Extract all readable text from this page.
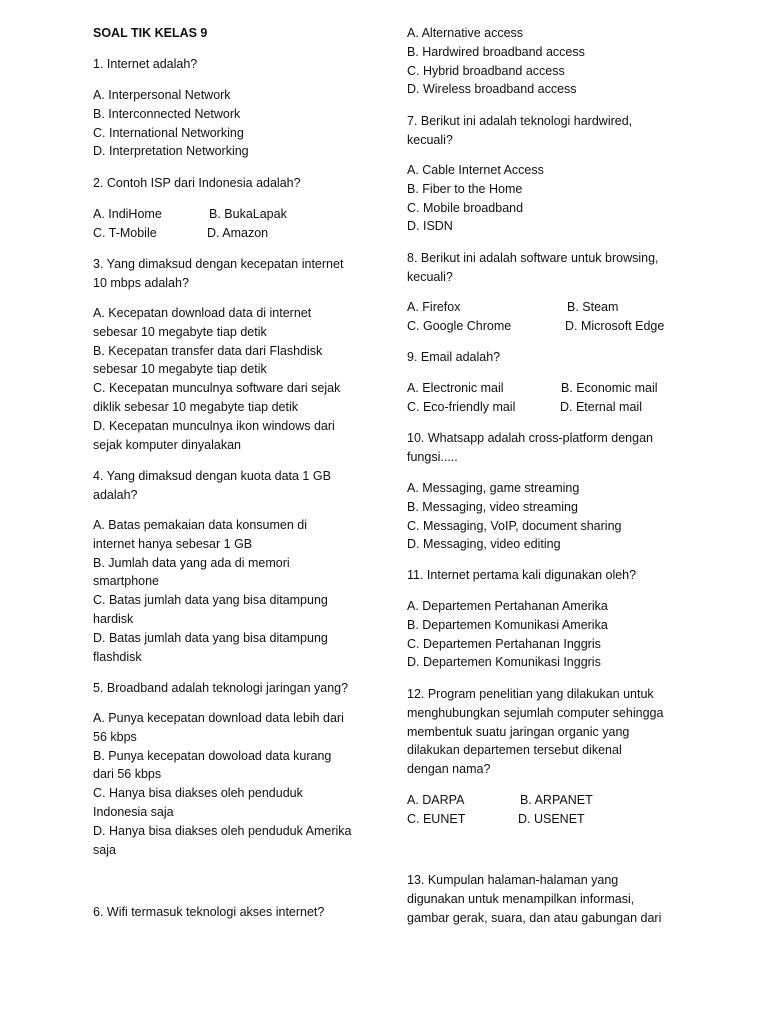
SOAL TIK KELAS 9
1. Internet adalah?
A. Interpersonal Network
B. Interconnected Network
C. International Networking
D. Interpretation Networking
2. Contoh ISP dari Indonesia adalah?
A. IndiHome	B. BukaLapak
C. T-Mobile	D. Amazon
3. Yang dimaksud dengan kecepatan internet
10 mbps adalah?
A. Kecepatan download data di internet
sebesar 10 megabyte tiap detik
B. Kecepatan transfer data dari Flashdisk
sebesar 10 megabyte tiap detik
C. Kecepatan munculnya software dari sejak
diklik sebesar 10 megabyte tiap detik
D. Kecepatan munculnya ikon windows dari
sejak komputer dinyalakan
4. Yang dimaksud dengan kuota data 1 GB
adalah?
A. Batas pemakaian data konsumen di
internet hanya sebesar 1 GB
B. Jumlah data yang ada di memori
smartphone
C. Batas jumlah data yang bisa ditampung
hardisk
D. Batas jumlah data yang bisa ditampung
flashdisk
5. Broadband adalah teknologi jaringan yang?
A. Punya kecepatan download data lebih dari
56 kbps
B. Punya kecepatan dowoload data kurang
dari 56 kbps
C. Hanya bisa diakses oleh penduduk
Indonesia saja
D. Hanya bisa diakses oleh penduduk Amerika
saja
6. Wifi termasuk teknologi akses internet?
A. Alternative access
B. Hardwired broadband access
C. Hybrid broadband access
D. Wireless broadband access
7. Berikut ini adalah teknologi hardwired,
kecuali?
A. Cable Internet Access
B. Fiber to the Home
C. Mobile broadband
D. ISDN
8. Berikut ini adalah software untuk browsing,
kecuali?
A. Firefox	B. Steam
C. Google Chrome	D. Microsoft Edge
9. Email adalah?
A. Electronic mail	B. Economic mail
C. Eco-friendly mail	D. Eternal mail
10. Whatsapp adalah cross-platform dengan
fungsi.....
A. Messaging, game streaming
B. Messaging, video streaming
C. Messaging, VoIP, document sharing
D. Messaging, video editing
11. Internet pertama kali digunakan oleh?
A. Departemen Pertahanan Amerika
B. Departemen Komunikasi Amerika
C. Departemen Pertahanan Inggris
D. Departemen Komunikasi Inggris
12. Program penelitian yang dilakukan untuk
menghubungkan sejumlah computer sehingga
membentuk suatu jaringan organic yang
dilakukan departemen tersebut dikenal
dengan nama?
A. DARPA	B. ARPANET
C. EUNET	D. USENET
13. Kumpulan halaman-halaman yang
digunakan untuk menampilkan informasi,
gambar gerak, suara, dan atau gabungan dari
